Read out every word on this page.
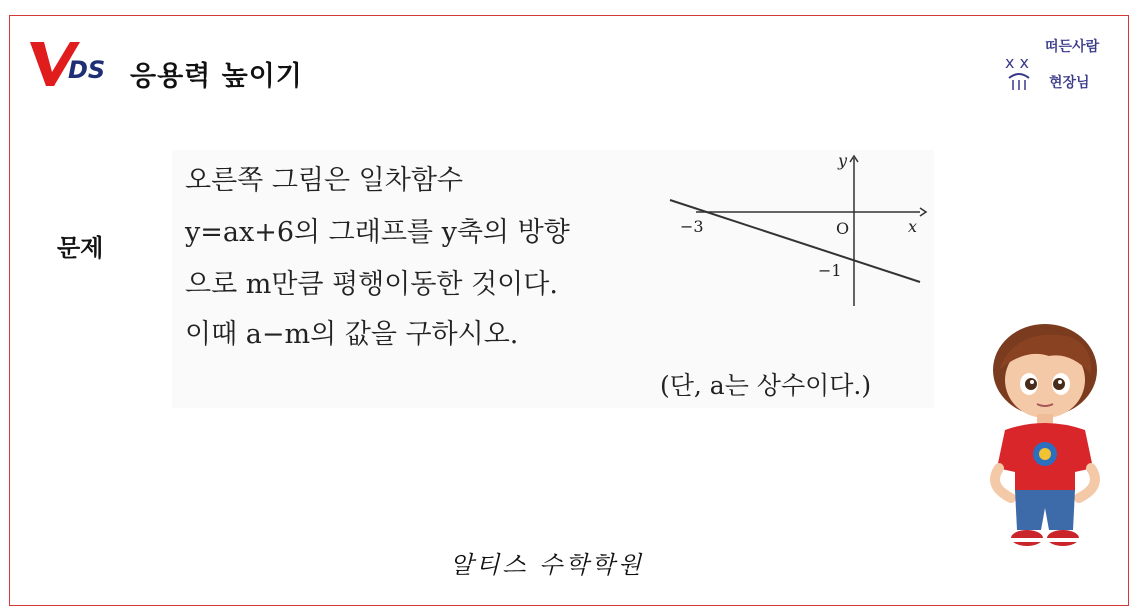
DS 응용력 높이기	x x
떠든사람
현장님
문제
오른쪽 그림은 일차함수
y=ax+6의 그래프를 y축의 방향
으로 m만큼 평행이동한 것이다.
이때 a−m의 값을 구하시오.
(단, a는 상수이다.)
y
x
O
−3
−1
알티스 수학학원
